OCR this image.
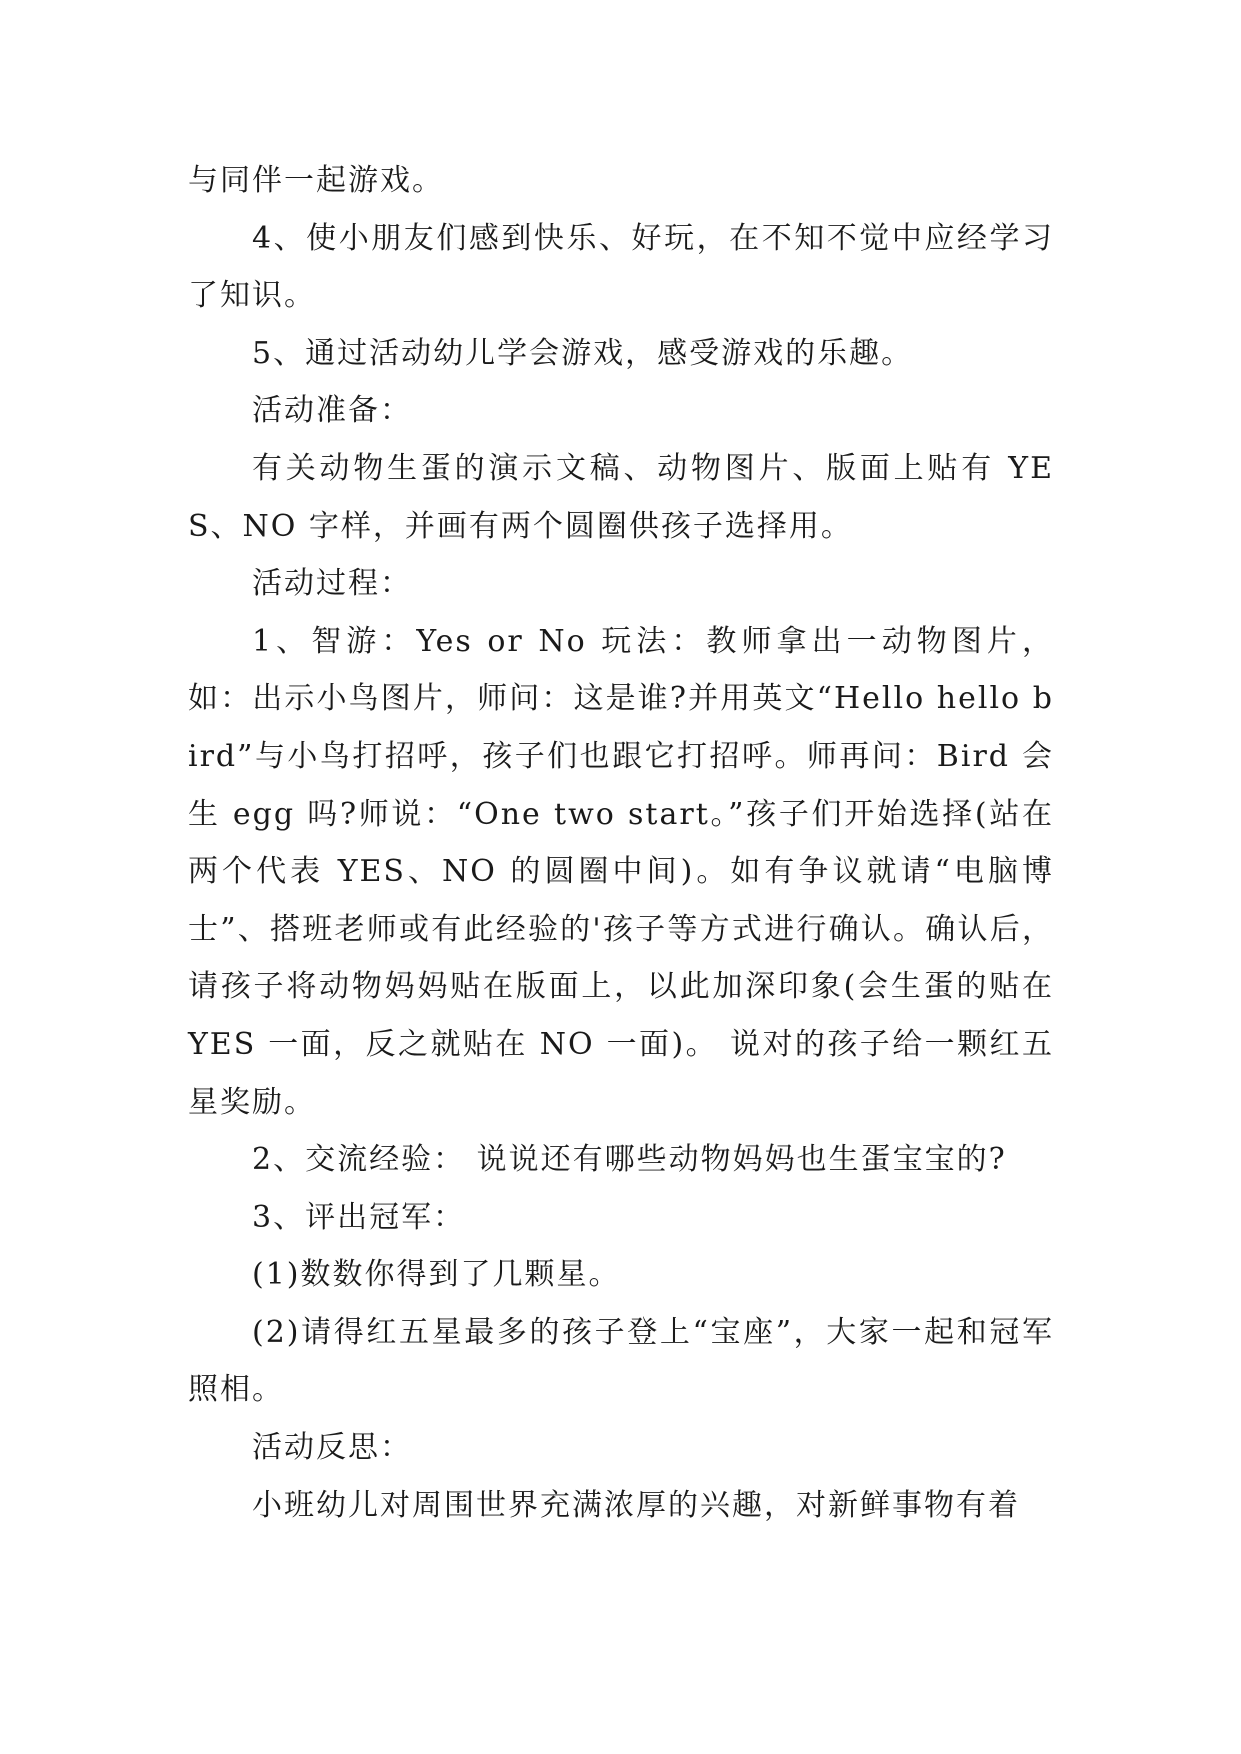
与同伴一起游戏。

4、使小朋友们感到快乐、好玩，在不知不觉中应经学习了知识。

5、通过活动幼儿学会游戏，感受游戏的乐趣。

活动准备：

有关动物生蛋的演示文稿、动物图片、版面上贴有 YES、NO 字样，并画有两个圆圈供孩子选择用。

活动过程：

1、智游：Yes or No 玩法：教师拿出一动物图片，如：出示小鸟图片，师问：这是谁?并用英文“Hello hello bird”与小鸟打招呼，孩子们也跟它打招呼。师再问：Bird 会生 egg 吗?师说：“One two start。”孩子们开始选择(站在两个代表 YES、NO 的圆圈中间)。如有争议就请“电脑博士”、搭班老师或有此经验的'孩子等方式进行确认。确认后，请孩子将动物妈妈贴在版面上，以此加深印象(会生蛋的贴在 YES 一面，反之就贴在 NO 一面)。 说对的孩子给一颗红五星奖励。

2、交流经验： 说说还有哪些动物妈妈也生蛋宝宝的?

3、评出冠军：

(1)数数你得到了几颗星。

(2)请得红五星最多的孩子登上“宝座”，大家一起和冠军照相。

活动反思：

小班幼儿对周围世界充满浓厚的兴趣，对新鲜事物有着
